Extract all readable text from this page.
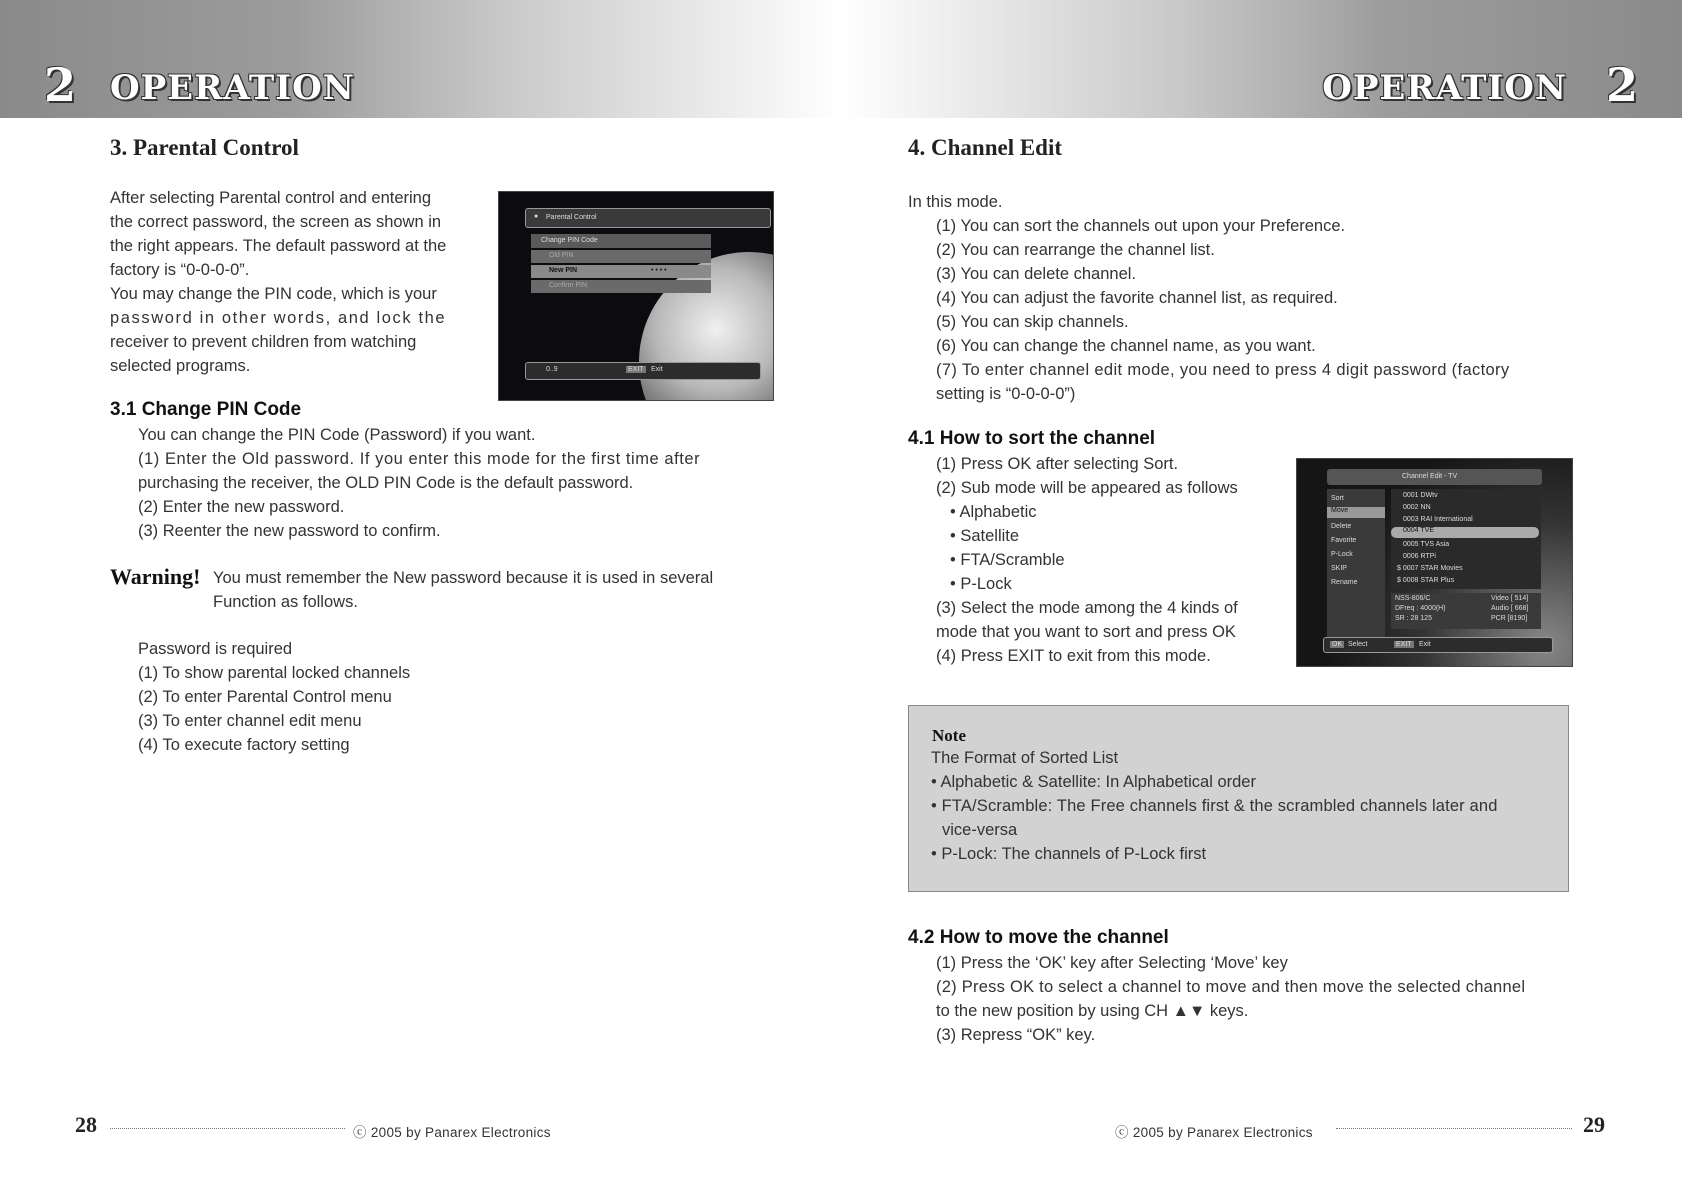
2 OPERATION	OPERATION 2
3. Parental Control

After selecting Parental control and entering

the correct password, the screen as shown in

the right appears. The default password at the

factory is “0-0-0-0”.

You may change the PIN code, which is your

password in other words, and lock the

receiver to prevent children from watching

selected programs.

● Parental Control
Change PIN Code
Old PIN
New PIN	• • • •
Confirm PIN
0..9	EXIT Exit
3.1 Change PIN Code

You can change the PIN Code (Password) if you want.

(1) Enter the Old password. If you enter this mode for the first time after

purchasing the receiver, the OLD PIN Code is the default password.

(2) Enter the new password.

(3) Reenter the new password to confirm.

Warning! You must remember the New password because it is used in several

Function as follows.

Password is required

(1) To show parental locked channels

(2) To enter Parental Control menu

(3) To enter channel edit menu

(4) To execute factory setting

4. Channel Edit

In this mode.

(1) You can sort the channels out upon your Preference.

(2) You can rearrange the channel list.

(3) You can delete channel.

(4) You can adjust the favorite channel list, as required.

(5) You can skip channels.

(6) You can change the channel name, as you want.

(7) To enter channel edit mode, you need to press 4 digit password (factory

setting is “0-0-0-0”)

4.1 How to sort the channel

(1) Press OK after selecting Sort.

(2) Sub mode will be appeared as follows

• Alphabetic

• Satellite

• FTA/Scramble

• P-Lock

(3) Select the mode among the 4 kinds of

mode that you want to sort and press OK

(4) Press EXIT to exit from this mode.

Channel Edit - TV
Sort
Move
Delete
Favorite
P-Lock
SKIP
Rename
0001 DWtv
0002 NN
0003 RAI International
0004 TVE
0005 TVS Asia
0006 RTPi
$ 0007 STAR Movies
$ 0008 STAR Plus
NSS-806/C
DFreq : 4000(H)
SR : 28 125
Video [ 514]
Audio [ 668]
PCR [8190]
OK Select	EXIT Exit
Note

The Format of Sorted List

• Alphabetic & Satellite: In Alphabetical order

• FTA/Scramble: The Free channels first & the scrambled channels later and

vice-versa

• P-Lock: The channels of P-Lock first

4.2 How to move the channel

(1) Press the ‘OK’ key after Selecting ‘Move’ key

(2) Press OK to select a channel to move and then move the selected channel

to the new position by using CH ▲▼ keys.

(3) Repress “OK” key.

28	ⓒ 2005 by Panarex Electronics	ⓒ 2005 by Panarex Electronics	29
